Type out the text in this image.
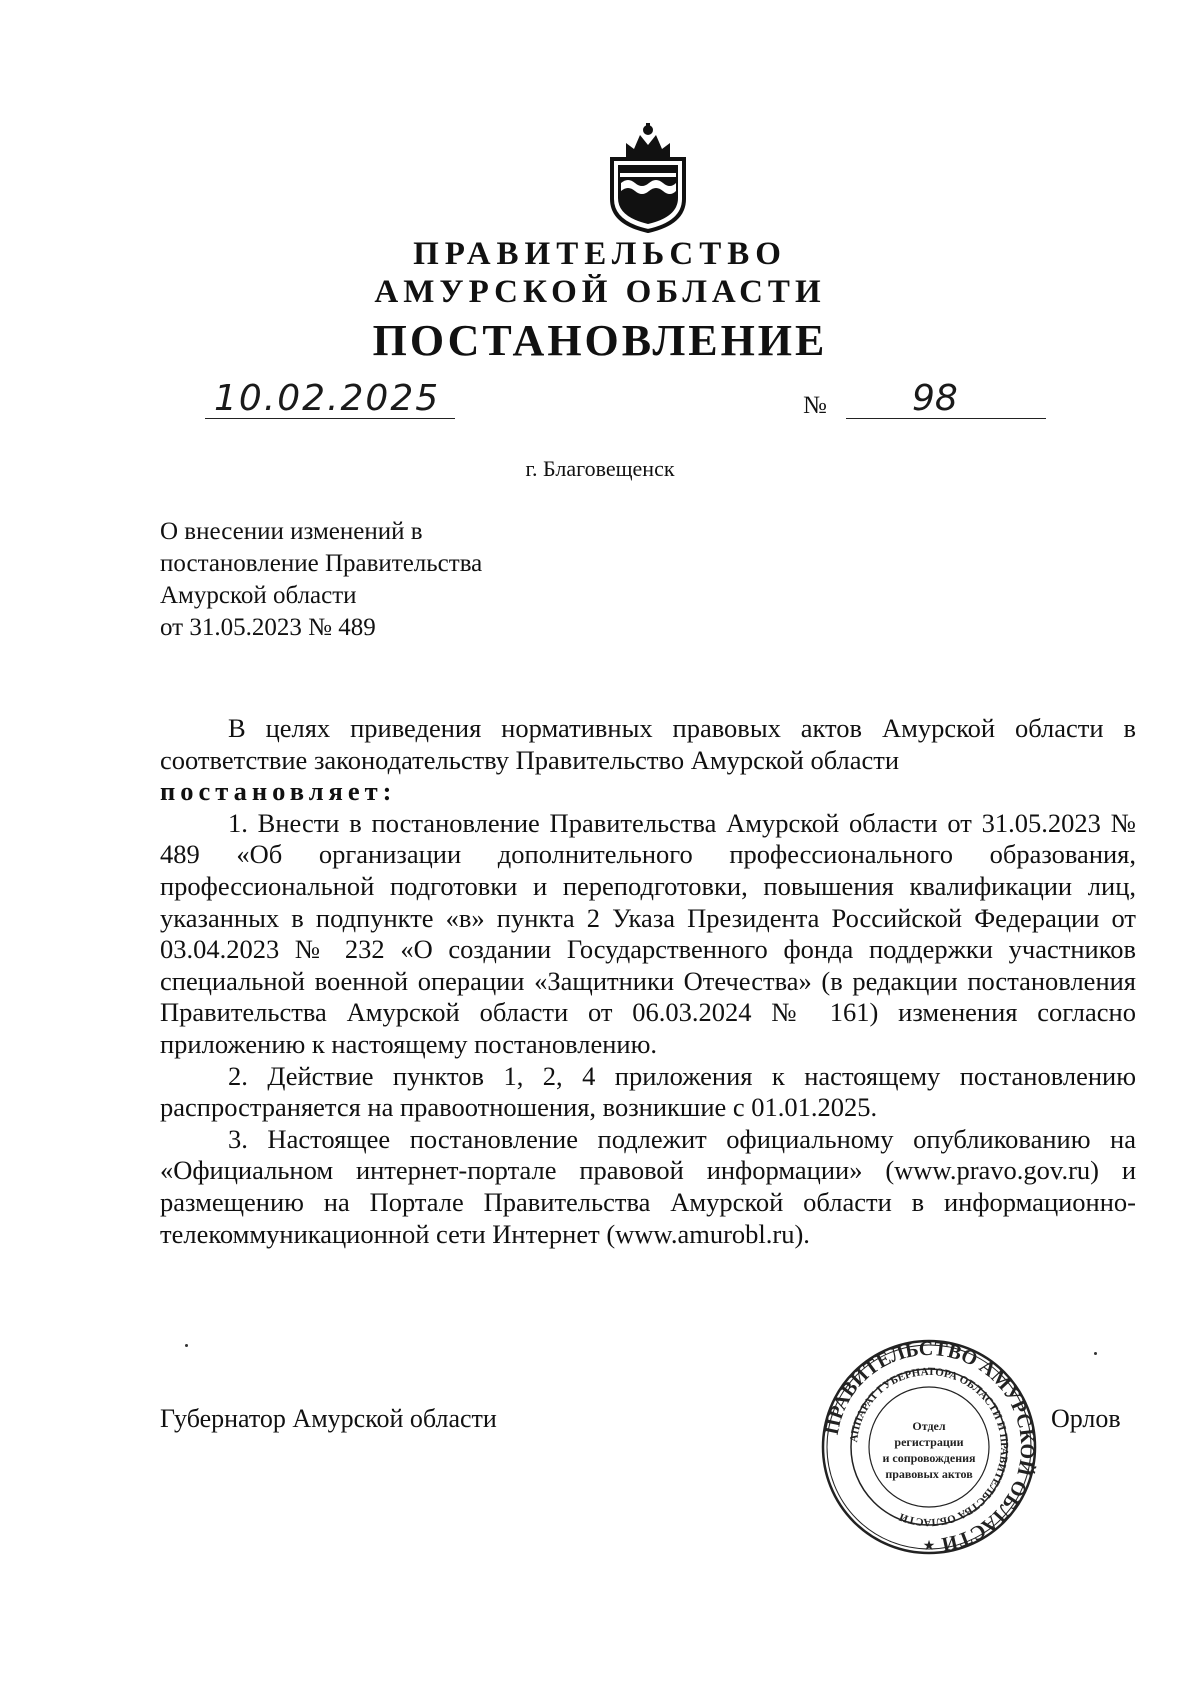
ПРАВИТЕЛЬСТВО
АМУРСКОЙ ОБЛАСТИ
ПОСТАНОВЛЕНИЕ
10.02.2025	№ 98
г. Благовещенск
О внесении изменений в
постановление Правительства
Амурской области
от 31.05.2023 № 489

В целях приведения нормативных правовых актов Амурской области в соответствие законодательству Правительство Амурской области

постановляет:

1. Внести в постановление Правительства Амурской области от 31.05.2023 № 489 «Об организации дополнительного профессионального образования, профессиональной подготовки и переподготовки, повышения квалификации лиц, указанных в подпункте «в» пункта 2 Указа Президента Российской Федерации от 03.04.2023 № 232 «О создании Государственного фонда поддержки участников специальной военной операции «Защитники Отечества» (в редакции постановления Правительства Амурской области от 06.03.2024 № 161) изменения согласно приложению к настоящему постановлению.

2. Действие пунктов 1, 2, 4 приложения к настоящему постановлению распространяется на правоотношения, возникшие с 01.01.2025.

3. Настоящее постановление подлежит официальному опубликованию на «Официальном интернет-портале правовой информации» (www.pravo.gov.ru) и размещению на Портале Правительства Амурской области в информационно-телекоммуникационной сети Интернет (www.amurobl.ru).

Губернатор Амурской области	Орлов
ПРАВИТЕЛЬСТВО АМУРСКОЙ ОБЛАСТИ
АППАРАТ ГУБЕРНАТОРА ОБЛАСТИ И ПРАВИТЕЛЬСТВА ОБЛАСТИ
Отдел
регистрации
и сопровождения
правовых актов
★
